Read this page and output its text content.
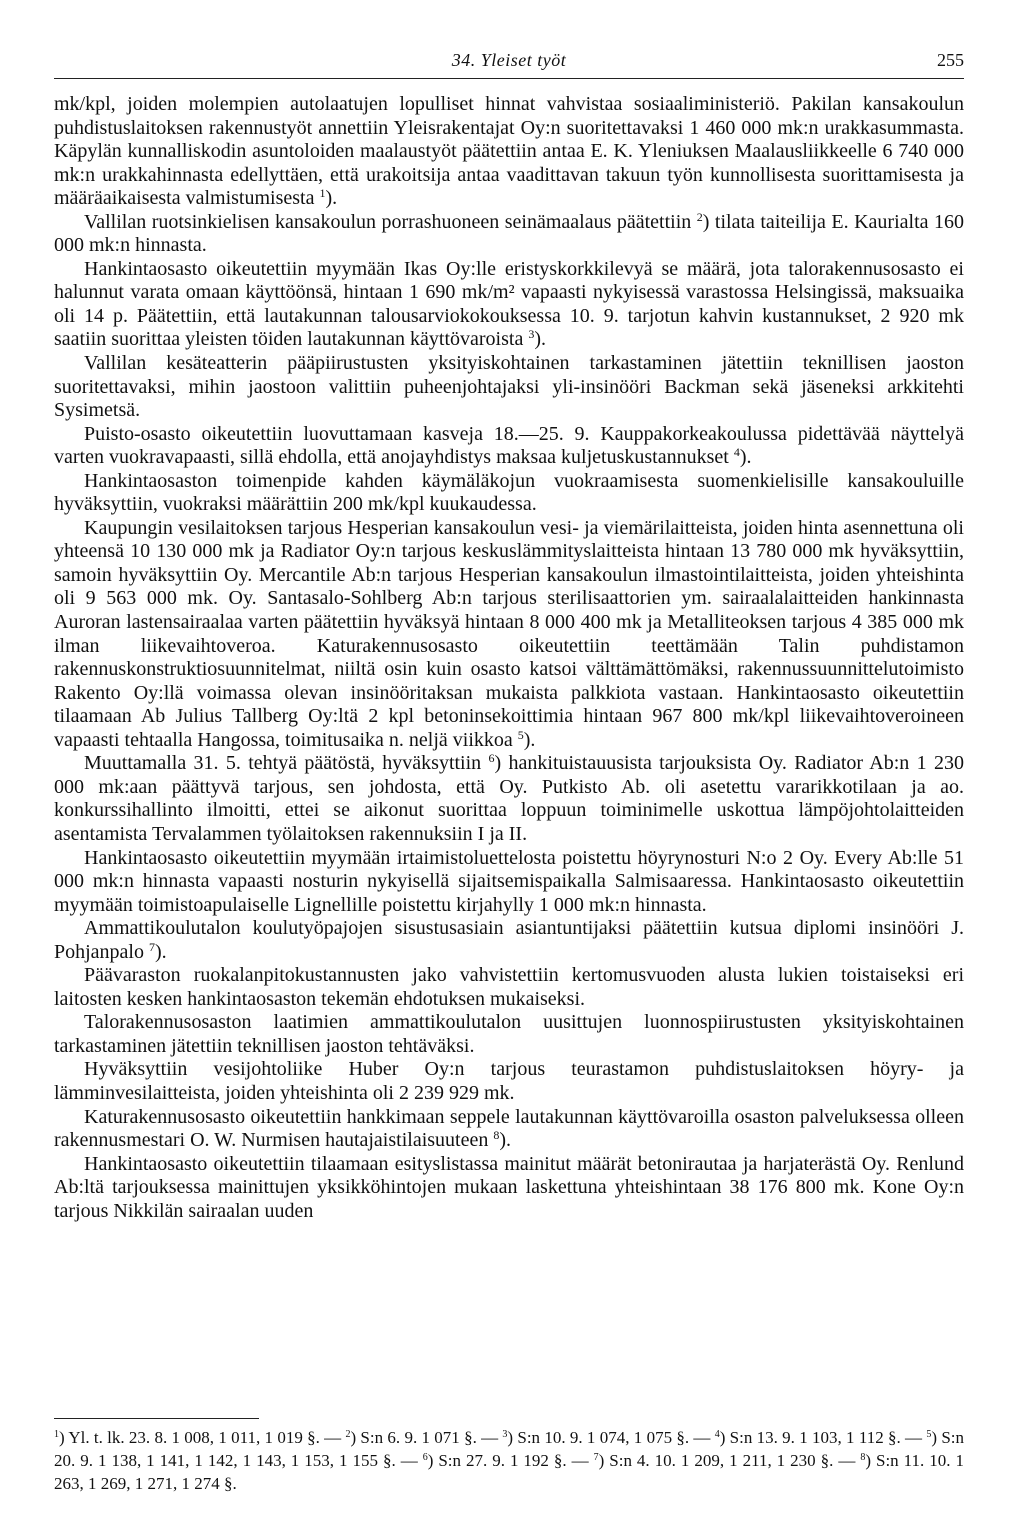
34. Yleiset työt	255

mk/kpl, joiden molempien autolaatujen lopulliset hinnat vahvistaa sosiaaliministeriö. Pakilan kansakoulun puhdistuslaitoksen rakennustyöt annettiin Yleisrakentajat Oy:n suoritettavaksi 1 460 000 mk:n urakkasummasta. Käpylän kunnalliskodin asuntoloiden maalaustyöt päätettiin antaa E. K. Yleniuksen Maalausliikkeelle 6 740 000 mk:n urakkahinnasta edellyttäen, että urakoitsija antaa vaadittavan takuun työn kunnollisesta suorittamisesta ja määräaikaisesta valmistumisesta $^1$).

Vallilan ruotsinkielisen kansakoulun porrashuoneen seinämaalaus päätettiin $^2$) tilata taiteilija E. Kaurialta 160 000 mk:n hinnasta.

Hankintaosasto oikeutettiin myymään Ikas Oy:lle eristyskorkkilevyä se määrä, jota talorakennusosasto ei halunnut varata omaan käyttöönsä, hintaan 1 690 mk/m² vapaasti nykyisessä varastossa Helsingissä, maksuaika oli 14 p. Päätettiin, että lautakunnan talousarviokokouksessa 10. 9. tarjotun kahvin kustannukset, 2 920 mk saatiin suorittaa yleisten töiden lautakunnan käyttövaroista $^3$).

Vallilan kesäteatterin pääpiirustusten yksityiskohtainen tarkastaminen jätettiin teknillisen jaoston suoritettavaksi, mihin jaostoon valittiin puheenjohtajaksi yli-insinööri Backman sekä jäseneksi arkkitehti Sysimetsä.

Puisto-osasto oikeutettiin luovuttamaan kasveja 18.—25. 9. Kauppakorkeakoulussa pidettävää näyttelyä varten vuokravapaasti, sillä ehdolla, että anojayhdistys maksaa kuljetuskustannukset $^4$).

Hankintaosaston toimenpide kahden käymäläkojun vuokraamisesta suomenkielisille kansakouluille hyväksyttiin, vuokraksi määrättiin 200 mk/kpl kuukaudessa.

Kaupungin vesilaitoksen tarjous Hesperian kansakoulun vesi- ja viemärilaitteista, joiden hinta asennettuna oli yhteensä 10 130 000 mk ja Radiator Oy:n tarjous keskuslämmityslaitteista hintaan 13 780 000 mk hyväksyttiin, samoin hyväksyttiin Oy. Mercantile Ab:n tarjous Hesperian kansakoulun ilmastointilaitteista, joiden yhteishinta oli 9 563 000 mk. Oy. Santasalo-Sohlberg Ab:n tarjous sterilisaattorien ym. sairaalalaitteiden hankinnasta Auroran lastensairaalaa varten päätettiin hyväksyä hintaan 8 000 400 mk ja Metalliteoksen tarjous 4 385 000 mk ilman liikevaihtoveroa. Katurakennusosasto oikeutettiin teettämään Talin puhdistamon rakennuskonstruktiosuunnitelmat, niiltä osin kuin osasto katsoi välttämättömäksi, rakennussuunnittelutoimisto Rakento Oy:llä voimassa olevan insinööritaksan mukaista palkkiota vastaan. Hankintaosasto oikeutettiin tilaamaan Ab Julius Tallberg Oy:ltä 2 kpl betoninsekoittimia hintaan 967 800 mk/kpl liikevaihtoveroineen vapaasti tehtaalla Hangossa, toimitusaika n. neljä viikkoa $^5$).

Muuttamalla 31. 5. tehtyä päätöstä, hyväksyttiin $^6$) hankituistauusista tarjouksista Oy. Radiator Ab:n 1 230 000 mk:aan päättyvä tarjous, sen johdosta, että Oy. Putkisto Ab. oli asetettu vararikkotilaan ja ao. konkurssihallinto ilmoitti, ettei se aikonut suorittaa loppuun toiminimelle uskottua lämpöjohtolaitteiden asentamista Tervalammen työlaitoksen rakennuksiin I ja II.

Hankintaosasto oikeutettiin myymään irtaimistoluettelosta poistettu höyrynosturi N:o 2 Oy. Every Ab:lle 51 000 mk:n hinnasta vapaasti nosturin nykyisellä sijaitsemispaikalla Salmisaaressa. Hankintaosasto oikeutettiin myymään toimistoapulaiselle Lignellille poistettu kirjahylly 1 000 mk:n hinnasta.

Ammattikoulutalon koulutyöpajojen sisustusasiain asiantuntijaksi päätettiin kutsua diplomi insinööri J. Pohjanpalo $^7$).

Päävaraston ruokalanpitokustannusten jako vahvistettiin kertomusvuoden alusta lukien toistaiseksi eri laitosten kesken hankintaosaston tekemän ehdotuksen mukaiseksi.

Talorakennusosaston laatimien ammattikoulutalon uusittujen luonnospiirustusten yksityiskohtainen tarkastaminen jätettiin teknillisen jaoston tehtäväksi.

Hyväksyttiin vesijohtoliike Huber Oy:n tarjous teurastamon puhdistuslaitoksen höyry- ja lämminvesilaitteista, joiden yhteishinta oli 2 239 929 mk.

Katurakennusosasto oikeutettiin hankkimaan seppele lautakunnan käyttövaroilla osaston palveluksessa olleen rakennusmestari O. W. Nurmisen hautajaistilaisuuteen $^8$).

Hankintaosasto oikeutettiin tilaamaan esityslistassa mainitut määrät betonirautaa ja harjaterästä Oy. Renlund Ab:ltä tarjouksessa mainittujen yksikköhintojen mukaan laskettuna yhteishintaan 38 176 800 mk. Kone Oy:n tarjous Nikkilän sairaalan uuden

$^1$) Yl. t. lk. 23. 8. 1 008, 1 011, 1 019 §. — $^2$) S:n 6. 9. 1 071 §. — $^3$) S:n 10. 9. 1 074, 1 075 §. — $^4$) S:n 13. 9. 1 103, 1 112 §. — $^5$) S:n 20. 9. 1 138, 1 141, 1 142, 1 143, 1 153, 1 155 §. — $^6$) S:n 27. 9. 1 192 §. — $^7$) S:n 4. 10. 1 209, 1 211, 1 230 §. — $^8$) S:n 11. 10. 1 263, 1 269, 1 271, 1 274 §.
